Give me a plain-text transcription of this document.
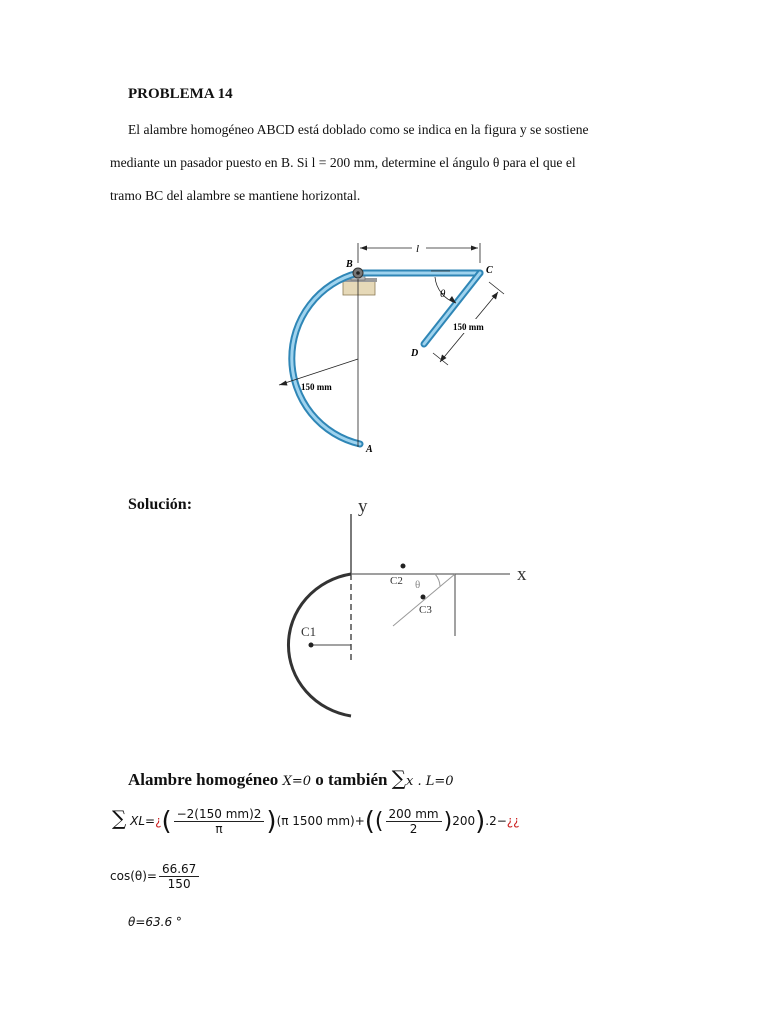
PROBLEMA 14
El alambre homogéneo ABCD está doblado como se indica en la figura y se sostiene
mediante un pasador puesto en B. Si l = 200 mm, determine el ángulo θ para el que el
tramo BC del alambre se mantiene horizontal.
B
C
D
A
l
θ
150 mm
150 mm
Solución:	y
x
C1
C2
C3
θ
Alambre homogéneo X=0 o también ∑x . L=0
∑ XL=¿( $\frac{-2(150 mm)2}{\pi} )(\pi$ 1500 $mm)+(( \frac{200 mm}{2}$ )200).2−¿¿
$\cos(\theta)= \frac{66.67}{150}$
θ=63.6 °
